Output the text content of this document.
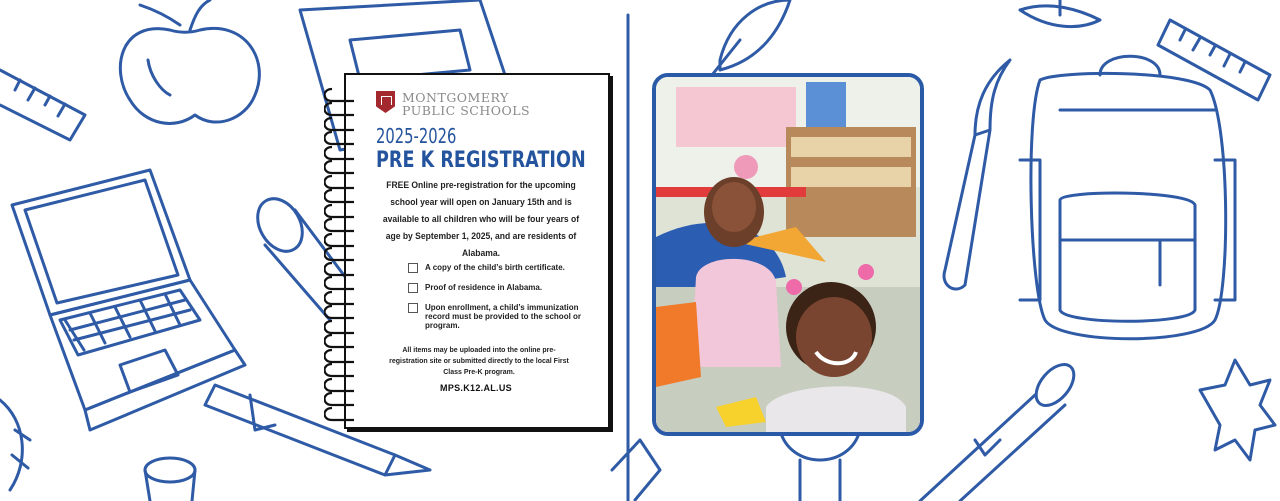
MONTGOMERY
PUBLIC SCHOOLS
2025-2026
PRE K REGISTRATION
FREE Online pre-registration for the upcoming school year will open on January 15th and is available to all children who will be four years of age by September 1, 2025, and are residents of Alabama.
A copy of the child’s birth certificate.
Proof of residence in Alabama.
Upon enrollment, a child’s immunization record must be provided to the school or program.
All items may be uploaded into the online pre-registration site or submitted directly to the local First Class Pre-K program.
MPS.K12.AL.US
